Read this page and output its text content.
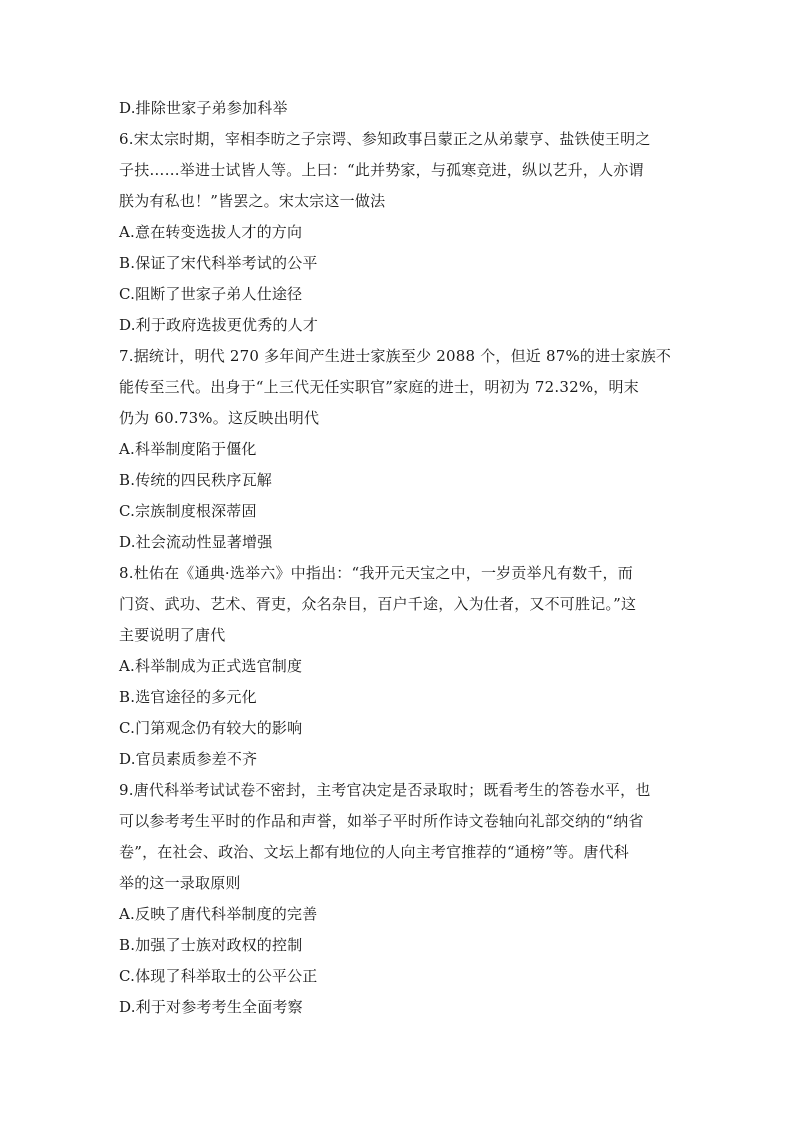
D.排除世家子弟参加科举
6.宋太宗时期，宰相李昉之子宗谔、参知政事吕蒙正之从弟蒙亨、盐铁使王明之
子扶……举进士试皆人等。上曰：“此并势家，与孤寒竞进，纵以艺升，人亦谓
朕为有私也！”皆罢之。宋太宗这一做法
A.意在转变选拔人才的方向
B.保证了宋代科举考试的公平
C.阻断了世家子弟人仕途径
D.利于政府选拔更优秀的人才
7.据统计，明代 270 多年间产生进士家族至少 2088 个，但近 87%的进士家族不
能传至三代。出身于“上三代无任实职官”家庭的进士，明初为 72.32%，明末
仍为 60.73%。这反映出明代
A.科举制度陷于僵化
B.传统的四民秩序瓦解
C.宗族制度根深蒂固
D.社会流动性显著增强
8.杜佑在《通典·选举六》中指出：“我开元天宝之中，一岁贡举凡有数千，而
门资、武功、艺术、胥吏，众名杂目，百户千途，入为仕者，又不可胜记。”这
主要说明了唐代
A.科举制成为正式选官制度
B.选官途径的多元化
C.门第观念仍有较大的影响
D.官员素质参差不齐
9.唐代科举考试试卷不密封，主考官决定是否录取时；既看考生的答卷水平，也
可以参考考生平时的作品和声誉，如举子平时所作诗文卷轴向礼部交纳的“纳省
卷”，在社会、政治、文坛上都有地位的人向主考官推荐的“通榜”等。唐代科
举的这一录取原则
A.反映了唐代科举制度的完善
B.加强了士族对政权的控制
C.体现了科举取士的公平公正
D.利于对参考考生全面考察
